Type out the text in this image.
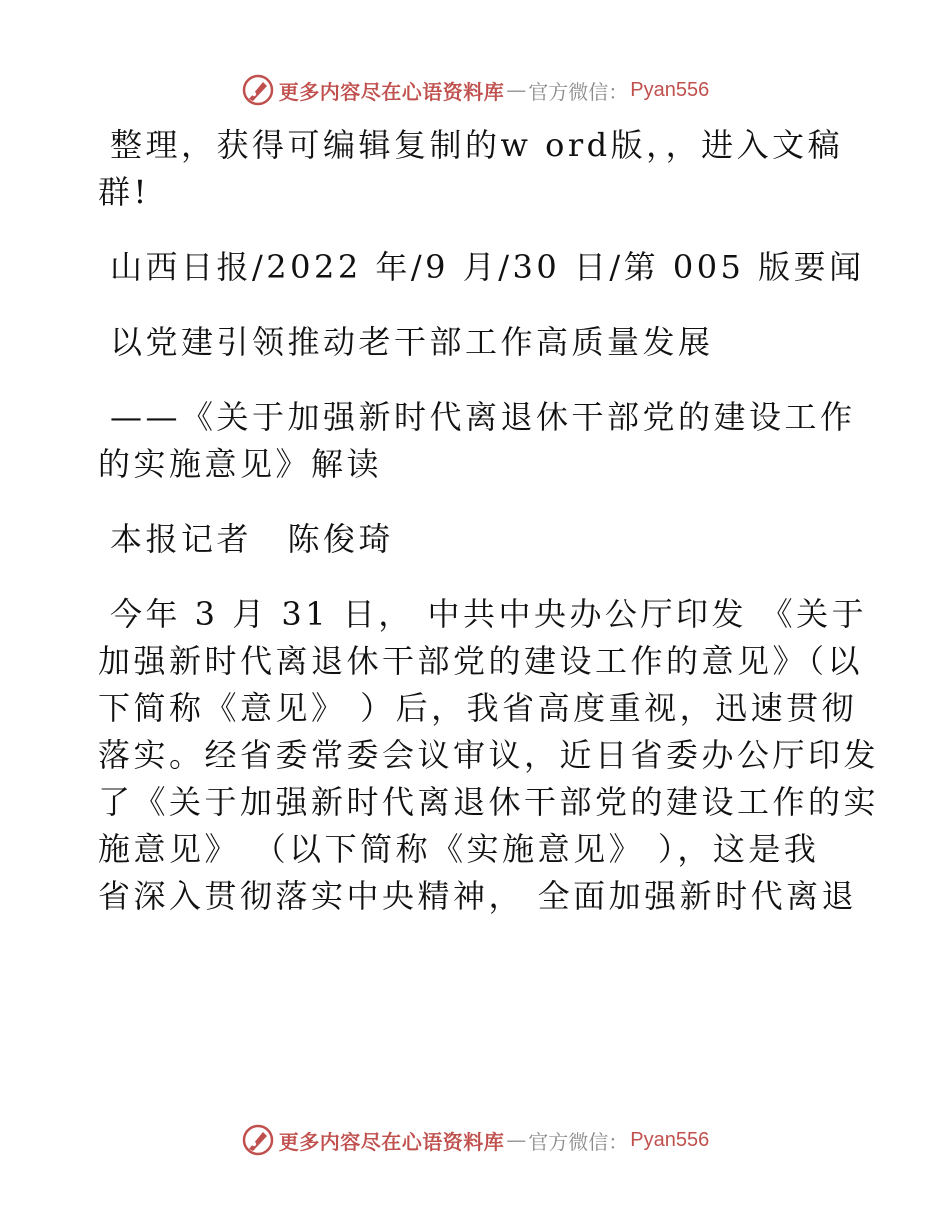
更多内容尽在心语资料库 — 官方微信： Pyan556
整理，获得可编辑复制的w ord版，，进入文稿
群!
山西日报/2022 年/9 月/30 日/第 005 版要闻
以党建引领推动老干部工作高质量发展
——《关于加强新时代离退休干部党的建设工作
的实施意见》解读
本报记者　陈俊琦
今年 3 月 31 日， 中共中央办公厅印发 《关于
加强新时代离退休干部党的建设工作的意见》（以
下简称《意见》 ）后，我省高度重视，迅速贯彻
落实。经省委常委会议审议，近日省委办公厅印发
了《关于加强新时代离退休干部党的建设工作的实
施意见》 （以下简称《实施意见》 ），这是我
省深入贯彻落实中央精神， 全面加强新时代离退
更多内容尽在心语资料库 — 官方微信： Pyan556
